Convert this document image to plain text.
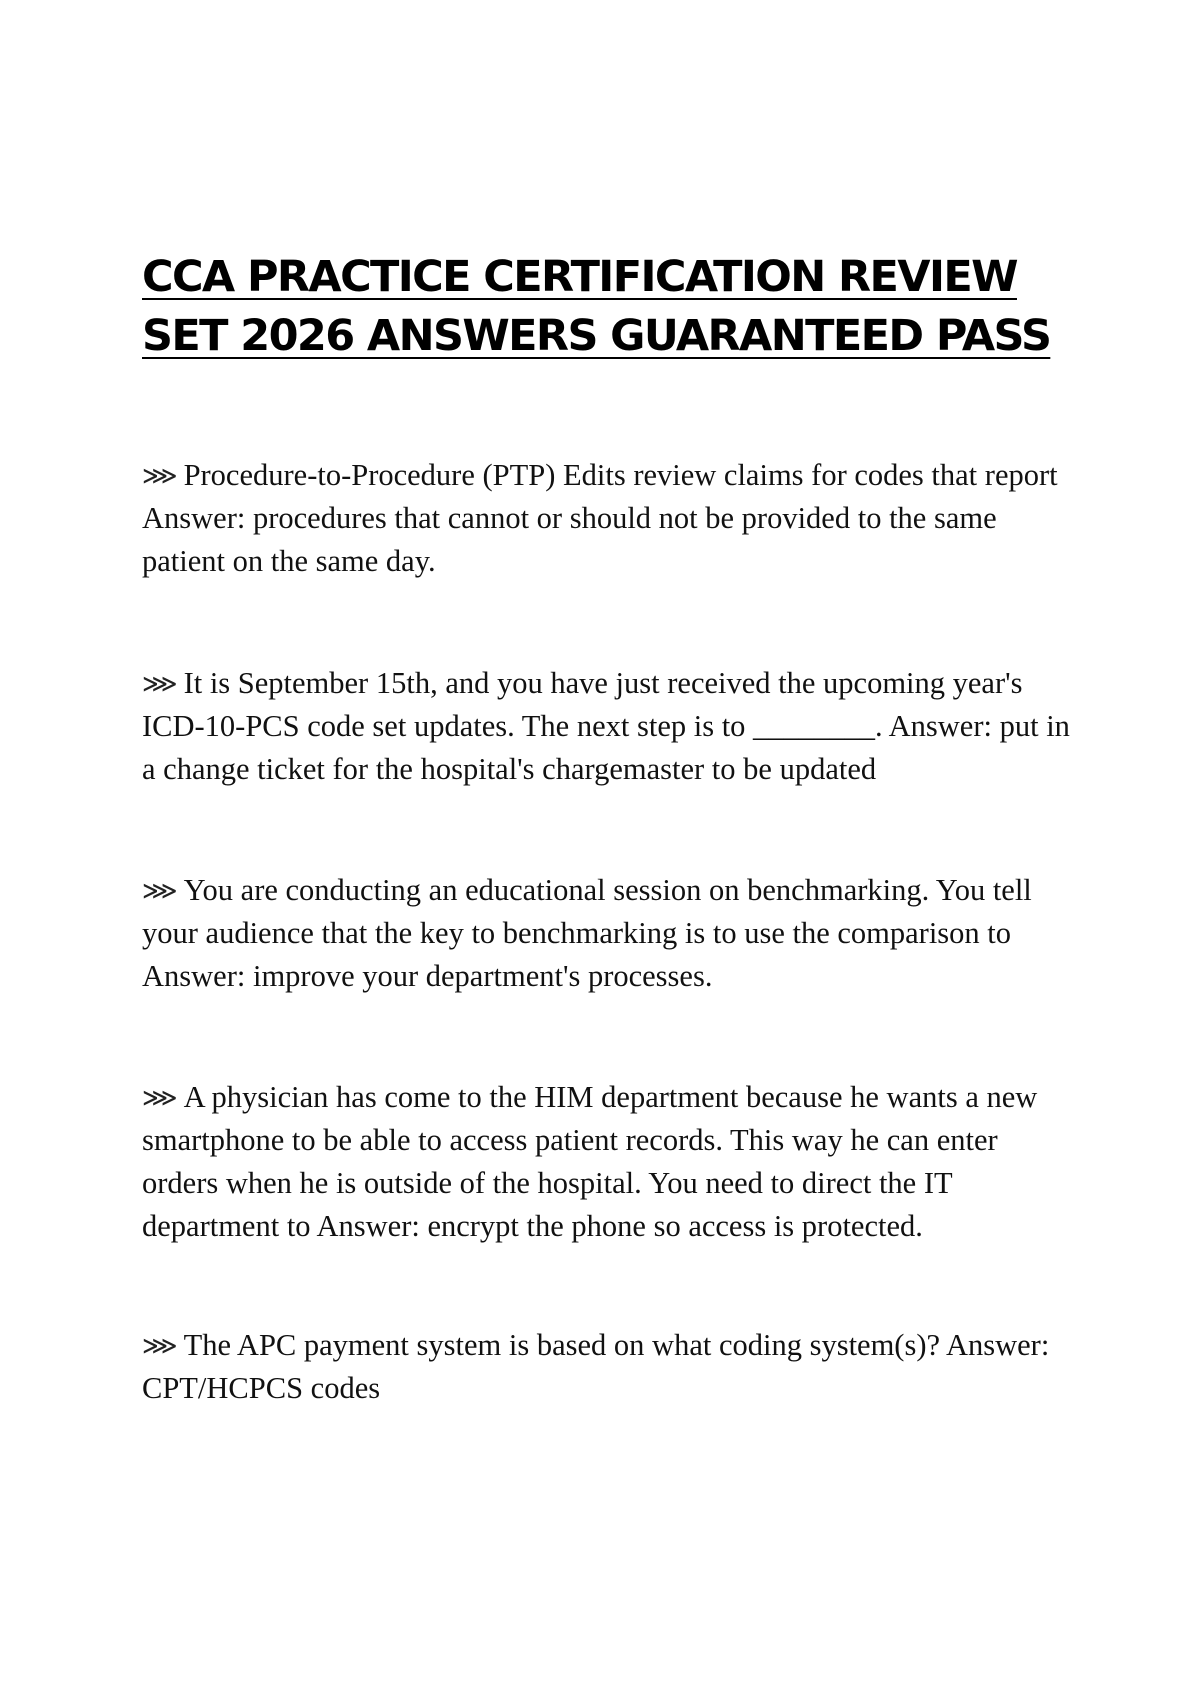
CCA PRACTICE CERTIFICATION REVIEW
SET 2026 ANSWERS GUARANTEED PASS

⋙ Procedure-to-Procedure (PTP) Edits review claims for codes that report Answer: procedures that cannot or should not be provided to the same patient on the same day.

⋙ It is September 15th, and you have just received the upcoming year's ICD-10-PCS code set updates. The next step is to ________. Answer: put in a change ticket for the hospital's chargemaster to be updated

⋙ You are conducting an educational session on benchmarking. You tell your audience that the key to benchmarking is to use the comparison to Answer: improve your department's processes.

⋙ A physician has come to the HIM department because he wants a new smartphone to be able to access patient records. This way he can enter orders when he is outside of the hospital. You need to direct the IT department to Answer: encrypt the phone so access is protected.

⋙ The APC payment system is based on what coding system(s)? Answer: CPT/HCPCS codes
